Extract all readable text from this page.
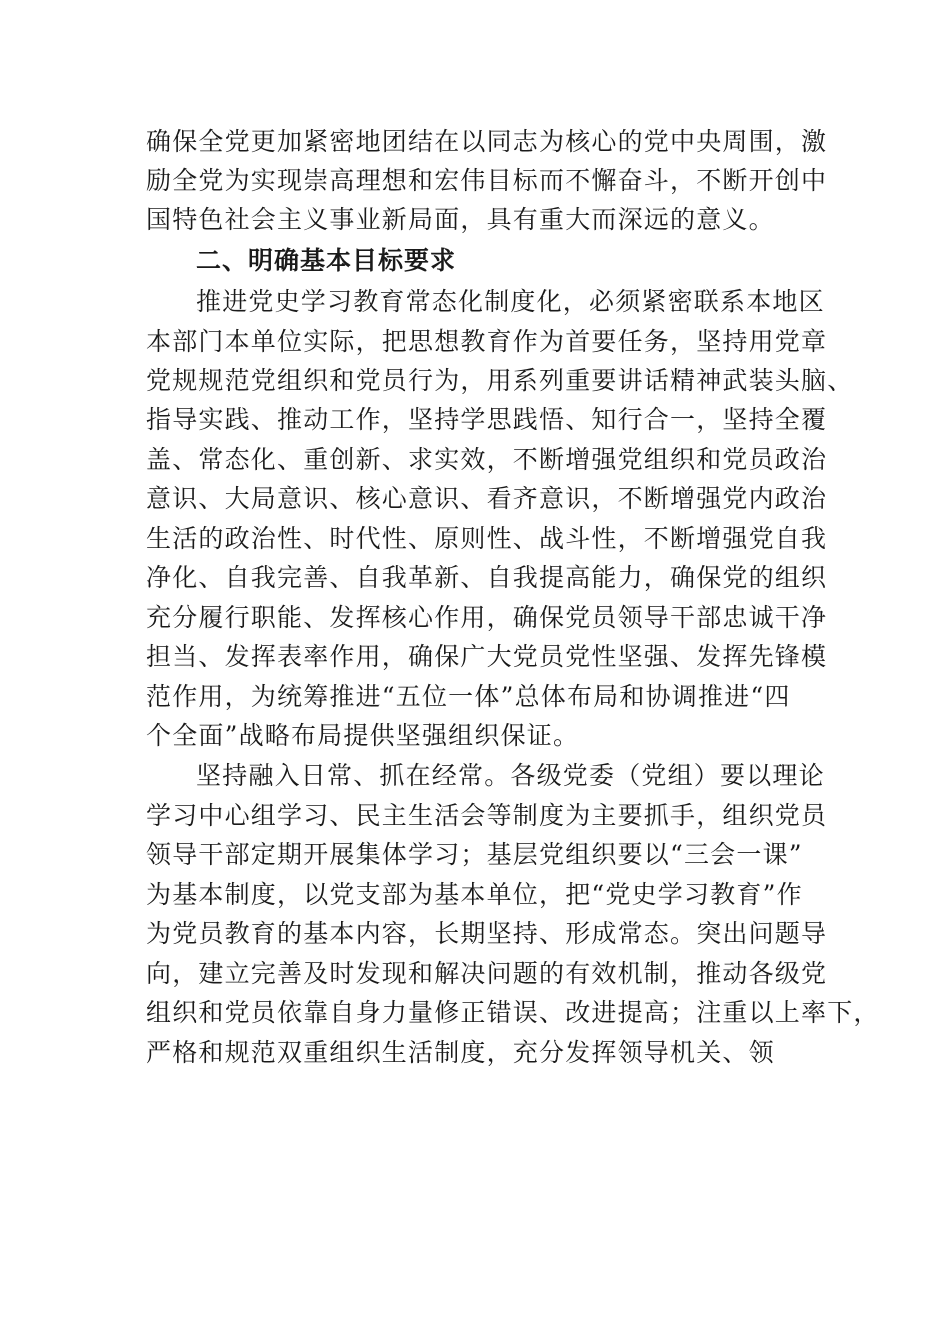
确保全党更加紧密地团结在以同志为核心的党中央周围，激
励全党为实现崇高理想和宏伟目标而不懈奋斗，不断开创中
国特色社会主义事业新局面，具有重大而深远的意义。
二、明确基本目标要求
推进党史学习教育常态化制度化，必须紧密联系本地区
本部门本单位实际，把思想教育作为首要任务，坚持用党章
党规规范党组织和党员行为，用系列重要讲话精神武装头脑、
指导实践、推动工作，坚持学思践悟、知行合一，坚持全覆
盖、常态化、重创新、求实效，不断增强党组织和党员政治
意识、大局意识、核心意识、看齐意识，不断增强党内政治
生活的政治性、时代性、原则性、战斗性，不断增强党自我
净化、自我完善、自我革新、自我提高能力，确保党的组织
充分履行职能、发挥核心作用，确保党员领导干部忠诚干净
担当、发挥表率作用，确保广大党员党性坚强、发挥先锋模
范作用，为统筹推进“五位一体”总体布局和协调推进“四
个全面”战略布局提供坚强组织保证。
坚持融入日常、抓在经常。各级党委（党组）要以理论
学习中心组学习、民主生活会等制度为主要抓手，组织党员
领导干部定期开展集体学习；基层党组织要以“三会一课”
为基本制度，以党支部为基本单位，把“党史学习教育”作
为党员教育的基本内容，长期坚持、形成常态。突出问题导
向，建立完善及时发现和解决问题的有效机制，推动各级党
组织和党员依靠自身力量修正错误、改进提高；注重以上率下，
严格和规范双重组织生活制度，充分发挥领导机关、领
